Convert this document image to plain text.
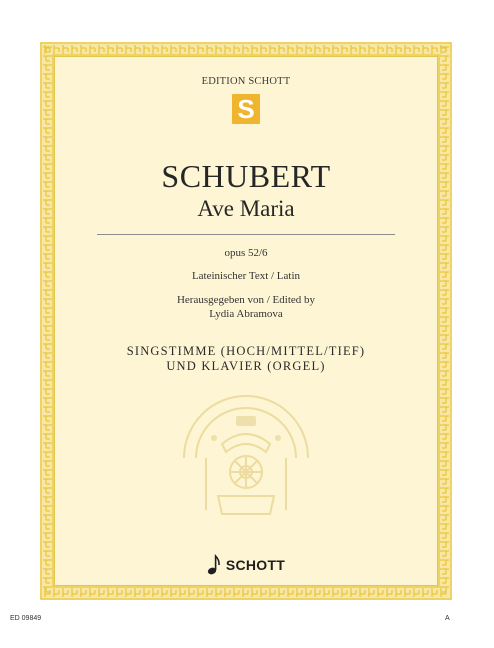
EDITION SCHOTT
S
SCHUBERT
Ave Maria
opus 52/6
Lateinischer Text / Latin
Herausgegeben von / Edited by
Lydia Abramova
SINGSTIMME (HOCH/MITTEL/TIEF)
UND KLAVIER (ORGEL)
SCHOTT
ED 09849	A
